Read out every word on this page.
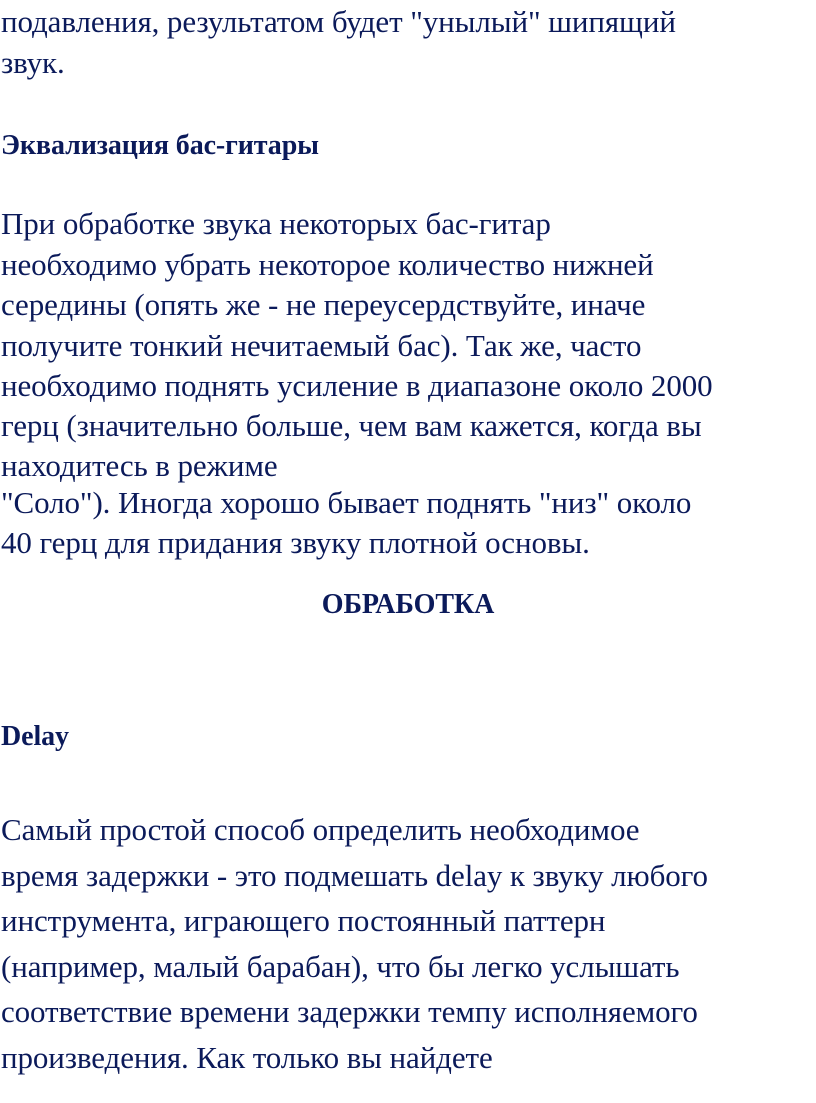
подавления, результатом будет "унылый" шипящий

звук.

Эквализация бас-гитары

При обработке звука некоторых бас-гитар

необходимо убрать некоторое количество нижней

середины (опять же - не переусердствуйте, иначе

получите тонкий нечитаемый бас). Так же, часто

необходимо поднять усиление в диапазоне около 2000

герц (значительно больше, чем вам кажется, когда вы

находитесь в режиме

"Соло"). Иногда хорошо бывает поднять "низ" около

40 герц для придания звуку плотной основы.

ОБРАБОТКА

Delay

Самый простой способ определить необходимое

время задержки - это подмешать delay к звуку любого

инструмента, играющего постоянный паттерн

(например, малый барабан), что бы легко услышать

соответствие времени задержки темпу исполняемого

произведения. Как только вы найдете
